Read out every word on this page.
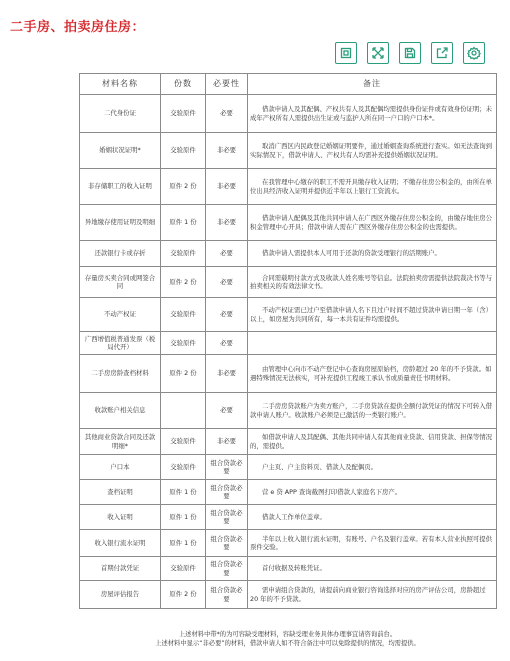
二手房、拍卖房住房：
材料名称	份数	必要性	备注
二代身份证	交验原件	必要	借款申请人及其配偶、产权共有人及其配偶均需提供身份证件或有效身份证明；未成年产权所有人需提供出生证或与监护人所在同一户口的户口本*。
婚姻状况证明*	交验原件	非必要	取消广西区内民政登记婚姻证明要件，通过婚姻查询系统进行查实。如无法查询到实际情况下，借款申请人、产权共有人均需补充提供婚姻状况证明。
非存储职工的收入证明	原件 2 份	非必要	在我管理中心缴存的职工不需开具缴存收入证明；不缴存住房公积金的，由所在单位出具经济收入证明并提供近半年以上银行工资流水。
异地缴存使用证明及明细	原件 1 份	非必要	借款申请人配偶及其他共同申请人在广西区外缴存住房公积金的，由缴存地住房公积金管理中心开具；借款申请人需在广西区外缴存住房公积金的也需提供。
还款银行卡或存折	交验原件	必要	借款申请人需提供本人可用于还款的贷款受理银行的活期账户。
存量房买卖合同或网签合同	原件 2 份	必要	合同需载明付款方式及收款人姓名账号等信息。法院拍卖房需提供法院裁决书等与拍卖相关的有效法律文书。
不动产权证	交验原件	必要	不动产权证需已过户至借款申请人名下且过户时间不超过贷款申请日期一年（含）以上，如房屋为共同所有，每一本共有证件均需提供。
广西增值税普通发票（税局代开）	交验原件	必要	
二手房房龄查档材料	原件 2 份	非必要	由管理中心向市不动产登记中心查询房屋原始档，房龄超过 20 年的不予贷款。如遇特殊情况无法核实，可补充提供工程竣工承认书或质量责任书明材料。
收款账户相关信息		必要	二手房房贷款账户为卖方账户，二手房贷款在提供全额付款凭证的情况下可转入借款申请人账户。收款账户必须是已激活的一类银行账户。
其他商业贷款合同及还款明细*	交验原件	非必要	如借款申请人及其配偶、其他共同申请人有其他商业贷款、信用贷款、担保等情况的，需提供。
户口本	交验原件	组合贷款必要	户主页、户主资料页、借款人及配偶页。
查档证明	原件 1 份	组合贷款必要	营 e 贷 APP 查询截图打印借款人家庭名下房产。
收入证明	原件 1 份	组合贷款必要	借款人工作单位盖章。
收入银行流水证明	原件 1 份	组合贷款必要	半年以上收入银行流水证明，有账号、户名及银行盖章。若有本人营业执照可提供票件交验。
首期付款凭证	交验原件	组合贷款必要	首付收据及转账凭证。
房屋评估报告	原件 2 份	组合贷款必要	需申请组合贷款的，请提前向商业银行咨询选择对应的房产评估公司，房龄超过 20 年的不予贷款。
上述材料中带*的为可容缺受理材料，容缺受理业务具体办理事宜请咨询前台。
上述材料中显示“非必要”的材料，借款申请人如不符合备注中可以免除提供的情况，均需提供。
